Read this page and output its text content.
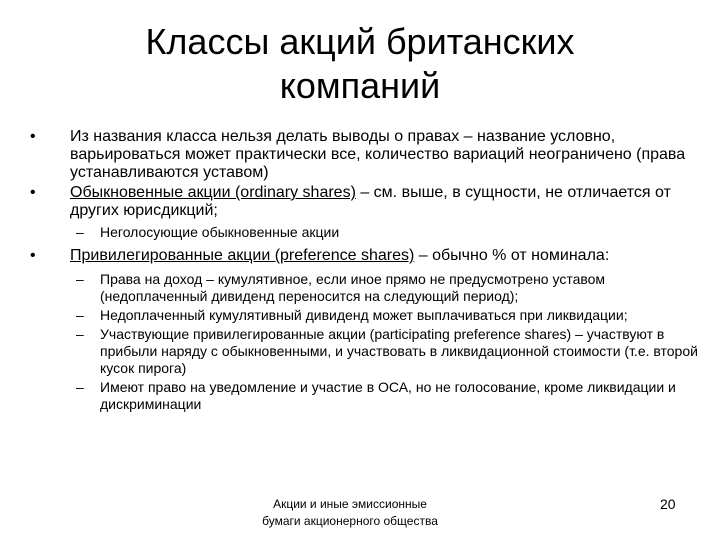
Классы акций британских
компаний
•	Из названия класса нельзя делать выводы о правах – название условно, варьироваться может практически все, количество вариаций неограничено (права устанавливаются уставом)
•	Обыкновенные акции (ordinary shares) – см. выше, в сущности, не отличается от других юрисдикций;
–	Неголосующие обыкновенные акции
•	Привилегированные акции (preference shares) – обычно % от номинала:
–	Права на доход – кумулятивное, если иное прямо не предусмотрено уставом (недоплаченный дивиденд переносится на следующий период);
–	Недоплаченный кумулятивный дивиденд может выплачиваться при ликвидации;
–	Участвующие привилегированные акции (participating preference shares) – участвуют в прибыли наряду с обыкновенными, и участвовать в ликвидационной стоимости (т.е. второй кусок пирога)
–	Имеют право на уведомление и участие в ОСА, но не голосование, кроме ликвидации и дискриминации
Акции и иные эмиссионные
бумаги акционерного общества
20
